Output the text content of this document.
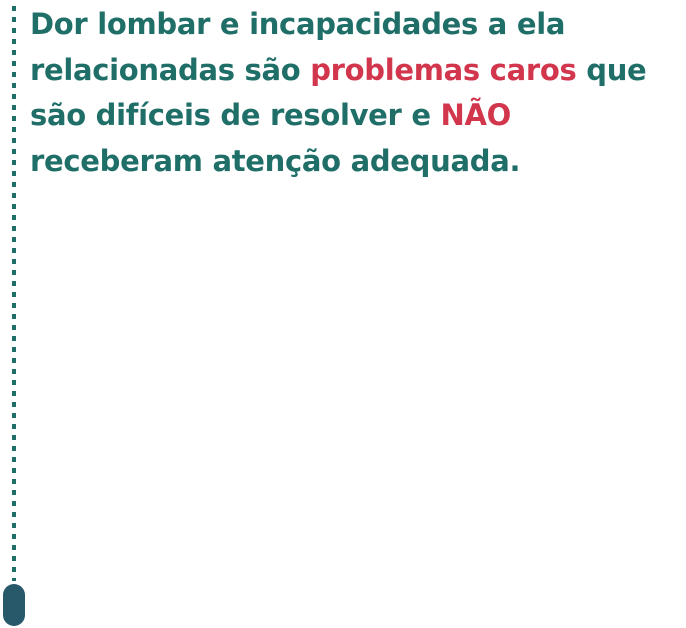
Dor lombar e incapacidades a ela relacionadas são problemas caros que são difíceis de resolver e NÃO receberam atenção adequada.
